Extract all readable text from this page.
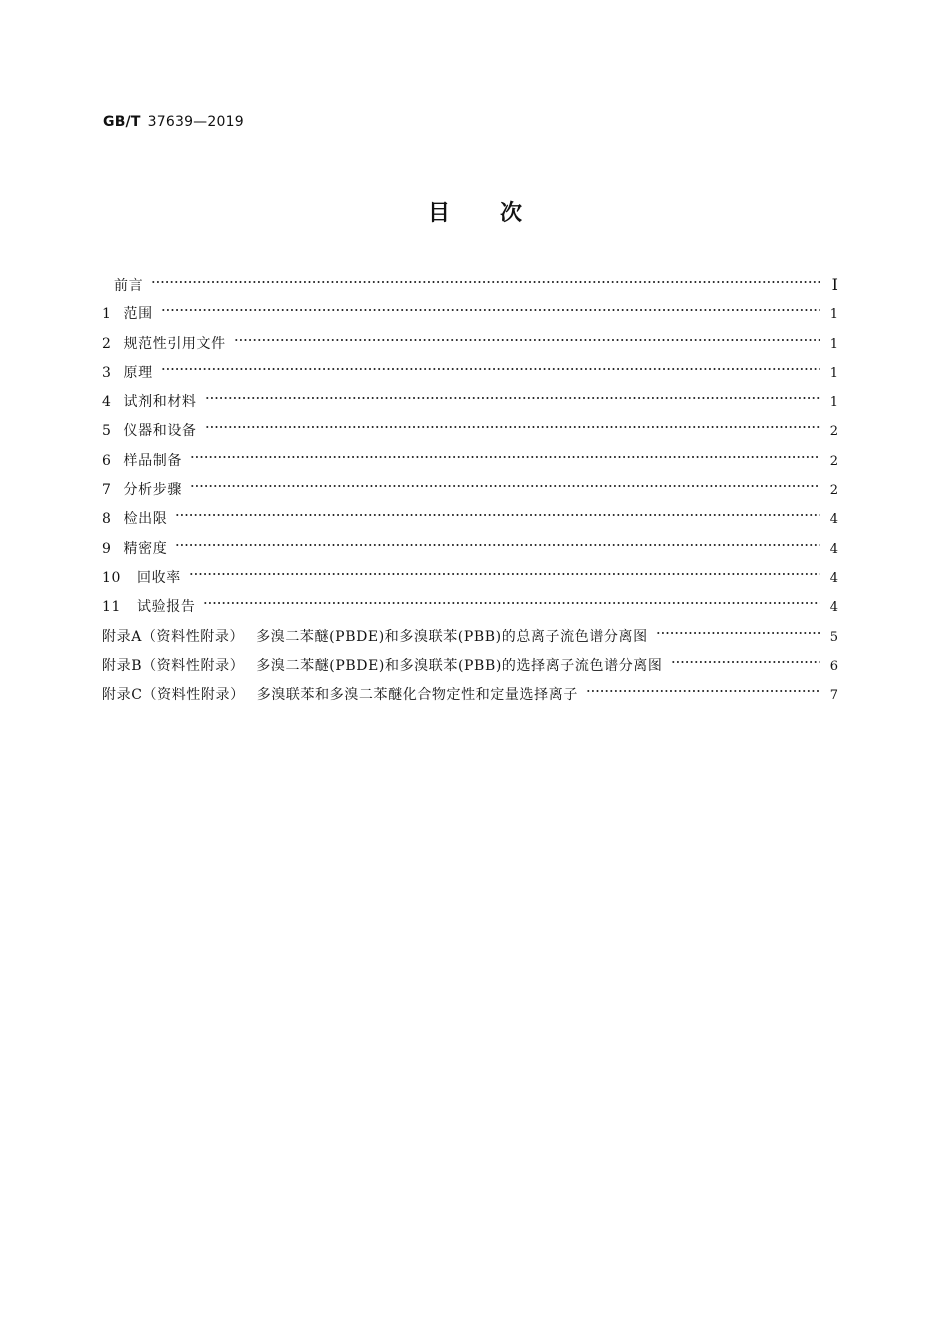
GB/T 37639—2019
目次
前言	Ⅰ
1 范围	1
2 规范性引用文件	1
3 原理	1
4 试剂和材料	1
5 仪器和设备	2
6 样品制备	2
7 分析步骤	2
8 检出限	4
9 精密度	4
10 回收率	4
11 试验报告	4
附录A（资料性附录） 多溴二苯醚(PBDE)和多溴联苯(PBB)的总离子流色谱分离图	5
附录B（资料性附录） 多溴二苯醚(PBDE)和多溴联苯(PBB)的选择离子流色谱分离图	6
附录C（资料性附录） 多溴联苯和多溴二苯醚化合物定性和定量选择离子	7
